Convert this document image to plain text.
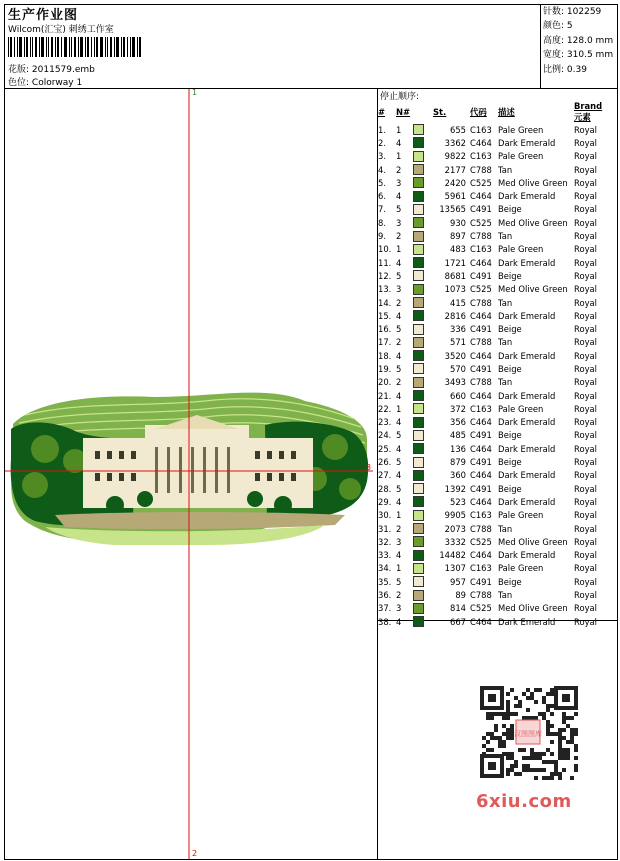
生产作业图
Wilcom(汇宝) 刺绣工作室
花版: 2011579.emb
色位: Colorway 1
针数: 102259
颜色: 5
高度: 128.0 mm
宽度: 310.5 mm
比例: 0.39
1
2
3
停止顺序:
#	N#		St.	代码	描述	Brand 元素
1.	1		655	C163	Pale Green	Royal
2.	4		3362	C464	Dark Emerald	Royal
3.	1		9822	C163	Pale Green	Royal
4.	2		2177	C788	Tan	Royal
5.	3		2420	C525	Med Olive Green	Royal
6.	4		5961	C464	Dark Emerald	Royal
7.	5		13565	C491	Beige	Royal
8.	3		930	C525	Med Olive Green	Royal
9.	2		897	C788	Tan	Royal
10.	1		483	C163	Pale Green	Royal
11.	4		1721	C464	Dark Emerald	Royal
12.	5		8681	C491	Beige	Royal
13.	3		1073	C525	Med Olive Green	Royal
14.	2		415	C788	Tan	Royal
15.	4		2816	C464	Dark Emerald	Royal
16.	5		336	C491	Beige	Royal
17.	2		571	C788	Tan	Royal
18.	4		3520	C464	Dark Emerald	Royal
19.	5		570	C491	Beige	Royal
20.	2		3493	C788	Tan	Royal
21.	4		660	C464	Dark Emerald	Royal
22.	1		372	C163	Pale Green	Royal
23.	4		356	C464	Dark Emerald	Royal
24.	5		485	C491	Beige	Royal
25.	4		136	C464	Dark Emerald	Royal
26.	5		879	C491	Beige	Royal
27.	4		360	C464	Dark Emerald	Royal
28.	5		1392	C491	Beige	Royal
29.	4		523	C464	Dark Emerald	Royal
30.	1		9905	C163	Pale Green	Royal
31.	2		2073	C788	Tan	Royal
32.	3		3332	C525	Med Olive Green	Royal
33.	4		14482	C464	Dark Emerald	Royal
34.	1		1307	C163	Pale Green	Royal
35.	5		957	C491	Beige	Royal
36.	2		89	C788	Tan	Royal
37.	3		814	C525	Med Olive Green	Royal
38.	4		667	C464	Dark Emerald	Royal
汉图图库
6xiu.com
